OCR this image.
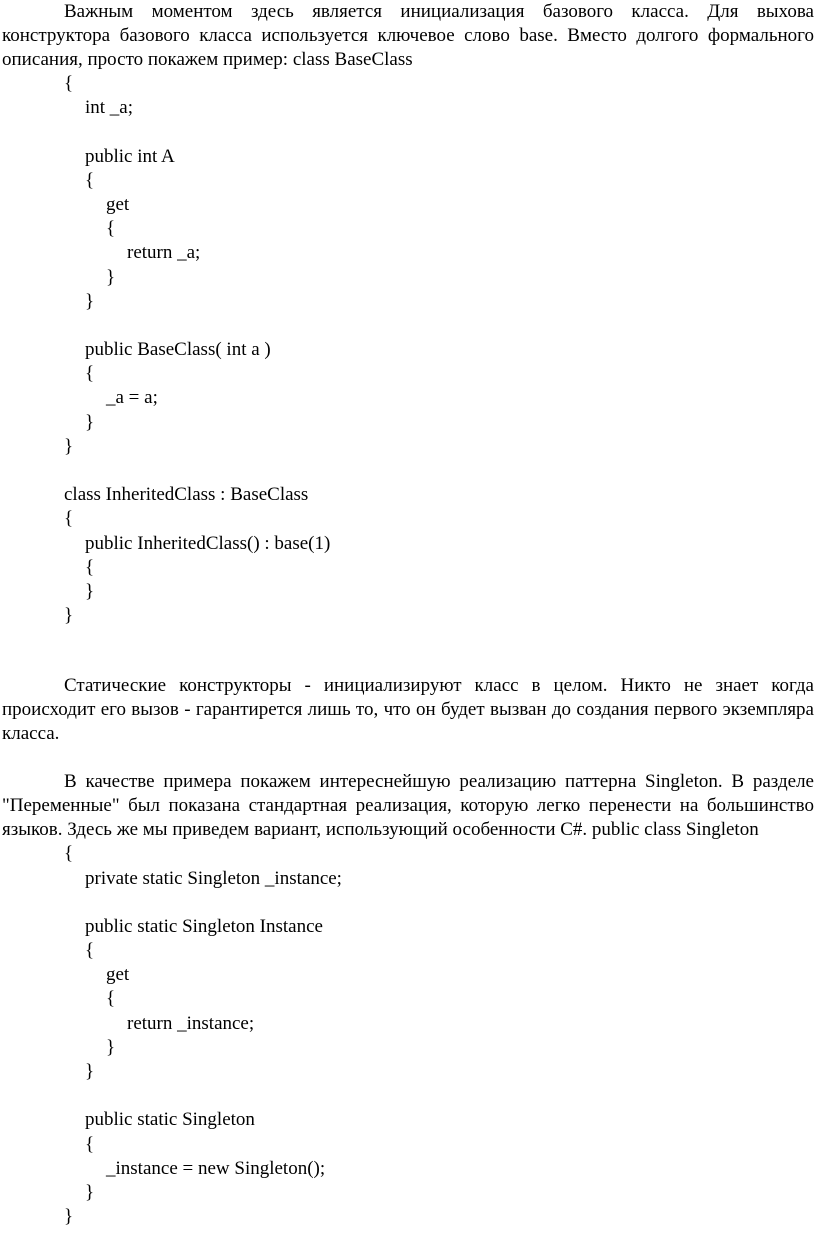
Важным моментом здесь является инициализация базового класса. Для выхова конструктора базового класса используется ключевое слово base. Вместо долгого формального описания, просто покажем пример: class BaseClass

{
int _a;
public int A
{
get
{
return _a;
}
}
public BaseClass( int a )
{
_a = a;
}
}
class InheritedClass : BaseClass
{
public InheritedClass() : base(1)
{
}
}

Статические конструкторы - инициализируют класс в целом. Никто не знает когда происходит его вызов - гарантирется лишь то, что он будет вызван до создания первого экземпляра класса.

В качестве примера покажем интереснейшую реализацию паттерна Singleton. В разделе "Переменные" был показана стандартная реализация, которую легко перенести на большинство языков. Здесь же мы приведем вариант, использующий особенности С#. public class Singleton

{
private static Singleton _instance;
public static Singleton Instance
{
get
{
return _instance;
}
}
public static Singleton
{
_instance = new Singleton();
}
}
